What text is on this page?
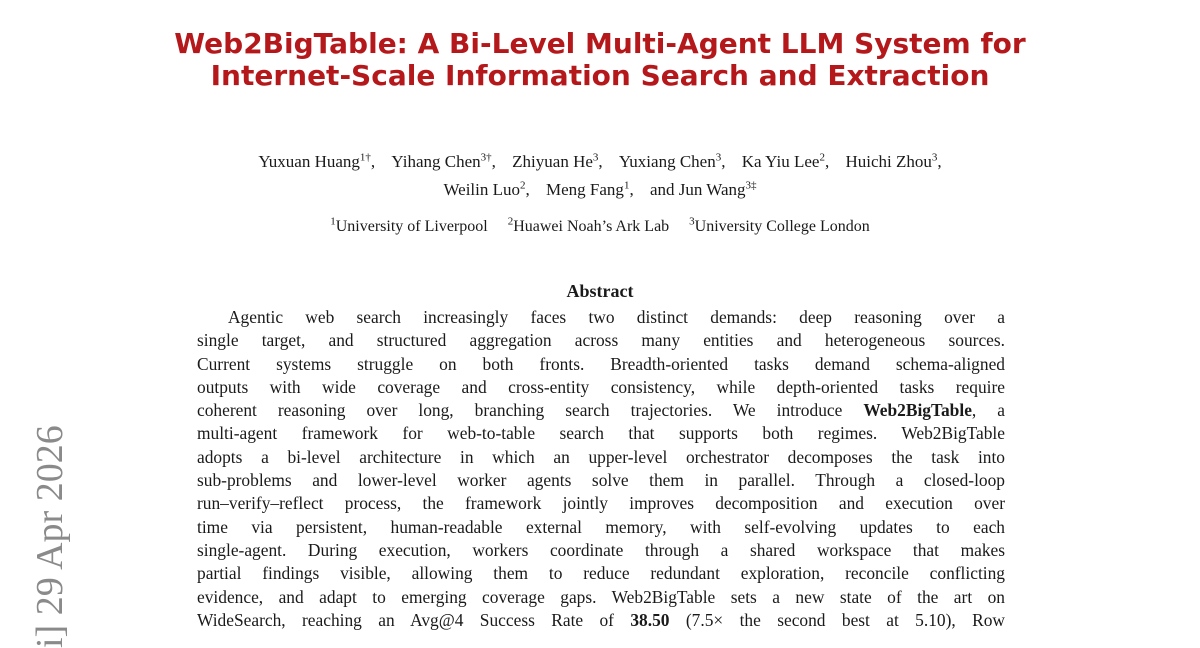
Web2BigTable: A Bi-Level Multi-Agent LLM System for
Internet-Scale Information Search and Extraction
Yuxuan Huang$^{1\dagger}$, Yihang Chen$^{3\dagger}$, Zhiyuan He$^3$, Yuxiang Chen$^3$, Ka Yiu Lee$^2$, Huichi Zhou$^3$,
Weilin Luo$^2$, Meng Fang$^1$, and Jun Wang$^{3\ddagger}$
$^1$University of Liverpool $^2$Huawei Noah’s Ark Lab $^3$University College London
Abstract
Agentic web search increasingly faces two distinct demands: deep reasoning over a
single target, and structured aggregation across many entities and heterogeneous sources.
Current systems struggle on both fronts. Breadth-oriented tasks demand schema-aligned
outputs with wide coverage and cross-entity consistency, while depth-oriented tasks require
coherent reasoning over long, branching search trajectories. We introduce Web2BigTable, a
multi-agent framework for web-to-table search that supports both regimes. Web2BigTable
adopts a bi-level architecture in which an upper-level orchestrator decomposes the task into
sub-problems and lower-level worker agents solve them in parallel. Through a closed-loop
run–verify–reflect process, the framework jointly improves decomposition and execution over
time via persistent, human-readable external memory, with self-evolving updates to each
single-agent. During execution, workers coordinate through a shared workspace that makes
partial findings visible, allowing them to reduce redundant exploration, reconcile conflicting
evidence, and adapt to emerging coverage gaps. Web2BigTable sets a new state of the art on
WideSearch, reaching an Avg@4 Success Rate of 38.50 (7.5× the second best at 5.10), Row
i] 29 Apr 2026
